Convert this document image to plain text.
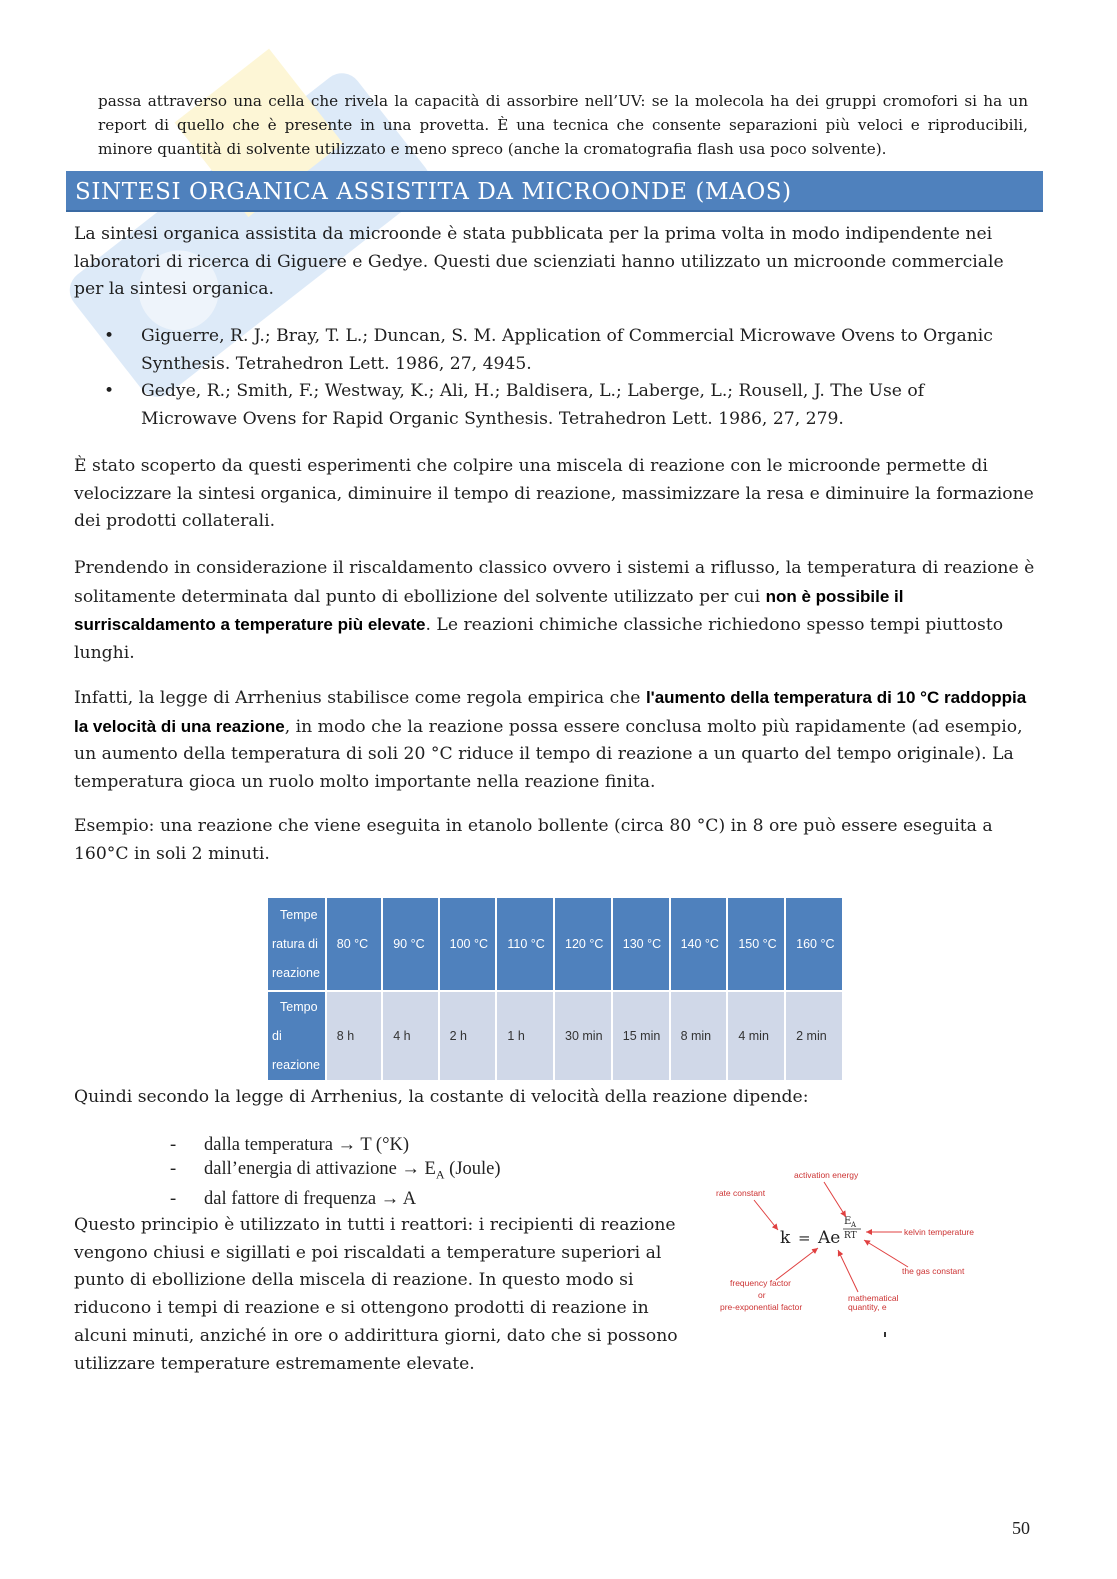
passa attraverso una cella che rivela la capacità di assorbire nell’UV: se la molecola ha dei gruppi cromofori si ha un report di quello che è presente in una provetta. È una tecnica che consente separazioni più veloci e riproducibili, minore quantità di solvente utilizzato e meno spreco (anche la cromatografia flash usa poco solvente).

SINTESI ORGANICA ASSISTITA DA MICROONDE (MAOS)

La sintesi organica assistita da microonde è stata pubblicata per la prima volta in modo indipendente nei laboratori di ricerca di Giguere e Gedye. Questi due scienziati hanno utilizzato un microonde commerciale per la sintesi organica.

• Giguerre, R. J.; Bray, T. L.; Duncan, S. M. Application of Commercial Microwave Ovens to Organic Synthesis. Tetrahedron Lett. 1986, 27, 4945.
• Gedye, R.; Smith, F.; Westway, K.; Ali, H.; Baldisera, L.; Laberge, L.; Rousell, J. The Use of Microwave Ovens for Rapid Organic Synthesis. Tetrahedron Lett. 1986, 27, 279.

È stato scoperto da questi esperimenti che colpire una miscela di reazione con le microonde permette di velocizzare la sintesi organica, diminuire il tempo di reazione, massimizzare la resa e diminuire la formazione dei prodotti collaterali.

Prendendo in considerazione il riscaldamento classico ovvero i sistemi a riflusso, la temperatura di reazione è solitamente determinata dal punto di ebollizione del solvente utilizzato per cui non è possibile il surriscaldamento a temperature più elevate. Le reazioni chimiche classiche richiedono spesso tempi piuttosto lunghi.

Infatti, la legge di Arrhenius stabilisce come regola empirica che l'aumento della temperatura di 10 °C raddoppia la velocità di una reazione, in modo che la reazione possa essere conclusa molto più rapidamente (ad esempio, un aumento della temperatura di soli 20 °C riduce il tempo di reazione a un quarto del tempo originale). La temperatura gioca un ruolo molto importante nella reazione finita.

Esempio: una reazione che viene eseguita in etanolo bollente (circa 80 °C) in 8 ore può essere eseguita a 160°C in soli 2 minuti.

Tempe
ratura di
reazione	80 °C	90 °C	100 °C	110 °C	120 °C	130 °C	140 °C	150 °C	160 °C

Tempo
di
reazione	8 h	4 h	2 h	1 h	30 min	15 min	8 min	4 min	2 min

Quindi secondo la legge di Arrhenius, la costante di velocità della reazione dipende:

- dalla temperatura → T (°K)
- dall’energia di attivazione → $E_A$ (Joule)
- dal fattore di frequenza → A

Questo principio è utilizzato in tutti i reattori: i recipienti di reazione vengono chiusi e sigillati e poi riscaldati a temperature superiori al punto di ebollizione della miscela di reazione. In questo modo si riducono i tempi di reazione e si ottengono prodotti di reazione in alcuni minuti, anziché in ore o addirittura giorni, dato che si possono utilizzare temperature estremamente elevate.

activation energy
rate constant
kelvin temperature
the gas constant
frequency factor
or
pre-exponential factor
mathematical
quantity, e
k = Ae
E A
RT
50
